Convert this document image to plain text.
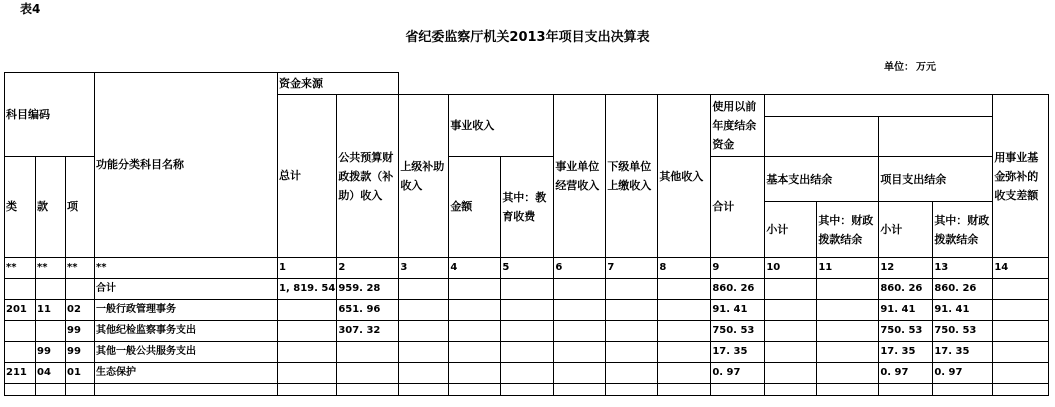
表4
省纪委监察厅机关2013年项目支出决算表
单位： 万元
科目编码			功能分类科目名称	资金来源													
				总计	公共预算财政拨款（补助）收入	上级补助收入	事业收入		事业单位经营收入	下级单位上缴收入	其他收入	使用以前年度结余资金					用事业基金弥补的收支差额

类	款	项					金额	其中：教育收费				合计	基本支出结余		项目支出结余		
													小计	其中：财政拨款结余	小计	其中：财政拨款结余	
**	**	**	**	1	2	3	4	5	6	7	8	9	10	11	12	13	14
			合计	1, 819. 54	959. 28							860. 26			860. 26	860. 26	
201	11	02	一般行政管理事务		651. 96							91. 41			91. 41	91. 41	
		99	其他纪检监察事务支出		307. 32							750. 53			750. 53	750. 53	
	99	99	其他一般公共服务支出									17. 35			17. 35	17. 35	
211	04	01	生态保护									0. 97			0. 97	0. 97	
